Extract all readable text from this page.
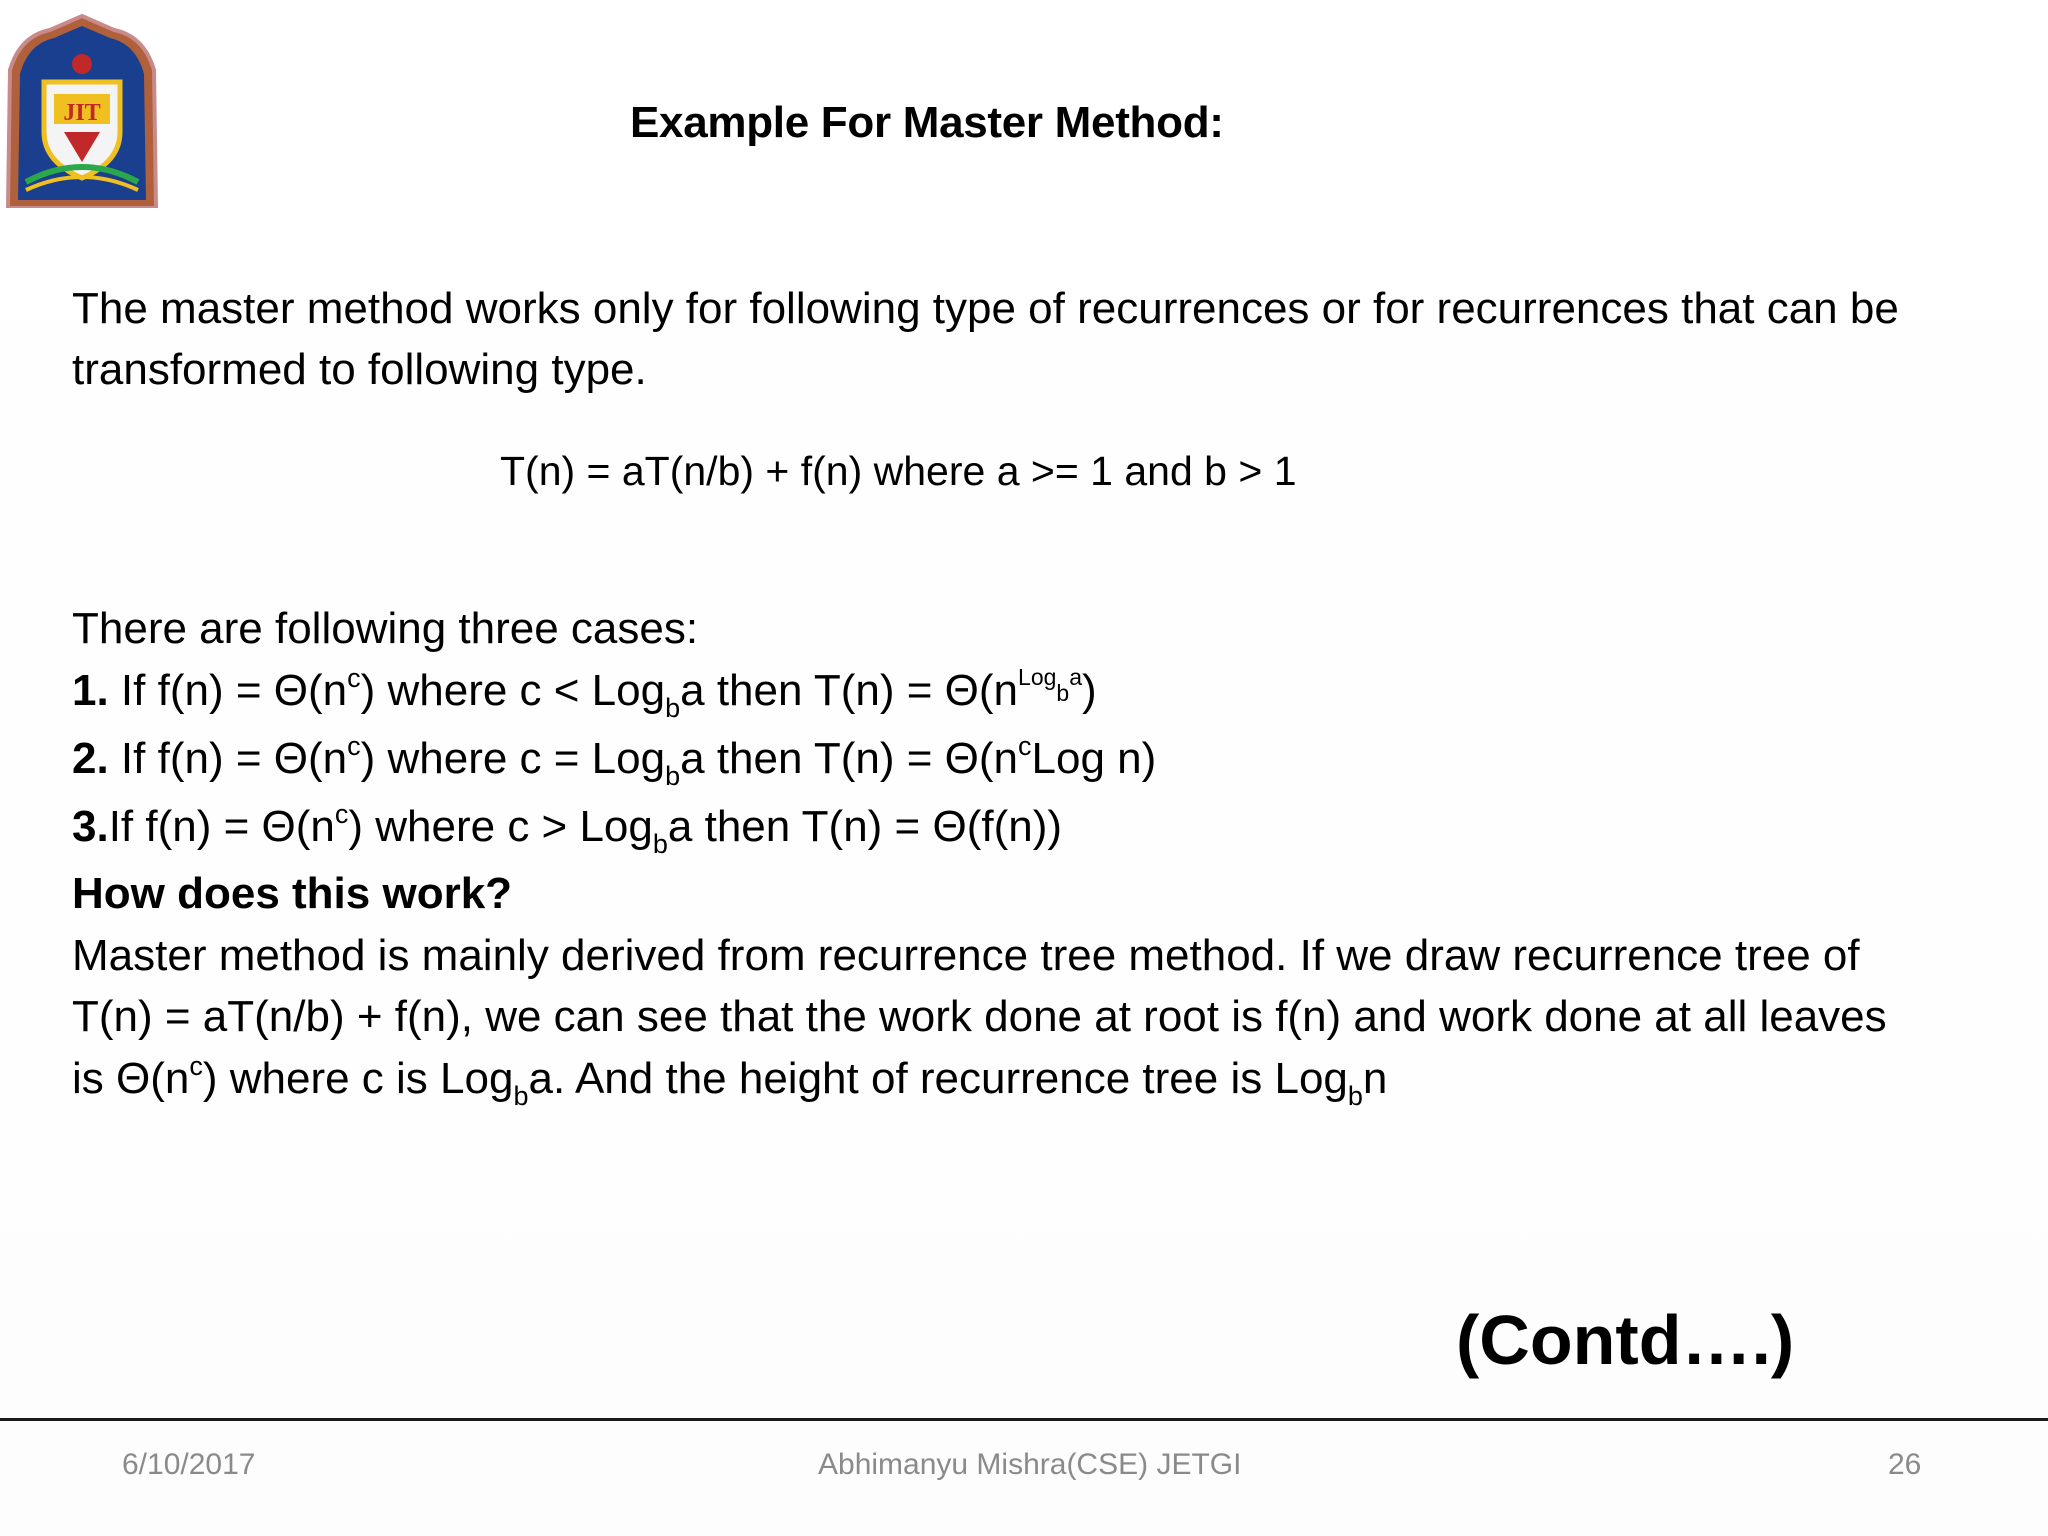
JIT	Example For Master Method:
The master method works only for following type of recurrences or for recurrences that can be transformed to following type.
T(n) = aT(n/b) + f(n) where a >= 1 and b > 1
There are following three cases:
1. If $f(n) = \Theta(n^c)$ where c < Log$_b$a then $T(n) = \Theta(n^{Log}b^a)$
2. If $f(n) = \Theta(n^c)$ where c = Log$_b$a then $T(n) = \Theta(n^cLog$ n)
3.If $f(n) = \Theta(n^c)$ where c > Log$_b$a then T(n) = Θ(f(n))
How does this work?
Master method is mainly derived from recurrence tree method. If we draw recurrence tree of
T(n) = aT(n/b) + f(n), we can see that the work done at root is f(n) and work done at all leaves
is $\Theta(n^c)$ where c is Log$_b$a. And the height of recurrence tree is Log$_b$n
(Contd….)
6/10/2017	Abhimanyu Mishra(CSE) JETGI	26
